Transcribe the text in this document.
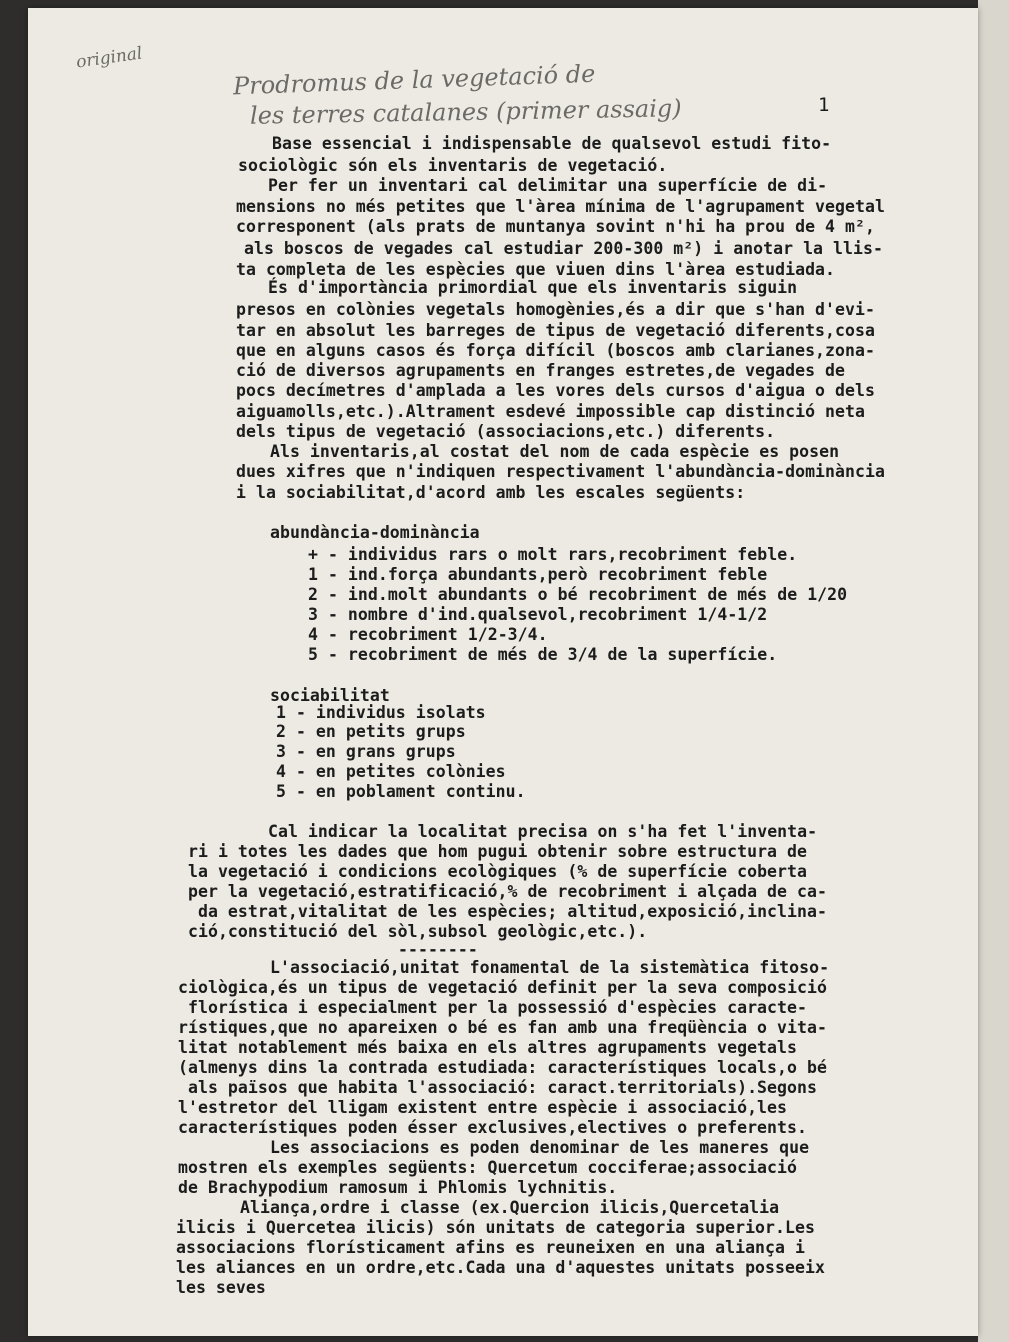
original
Prodromus de la vegetació de
les terres catalanes (primer assaig)	1
Base essencial i indispensable de qualsevol estudi fito-
sociològic són els inventaris de vegetació.
Per fer un inventari cal delimitar una superfície de di-
mensions no més petites que l'àrea mínima de l'agrupament vegetal
corresponent (als prats de muntanya sovint n'hi ha prou de 4 m²,
als boscos de vegades cal estudiar 200-300 m²) i anotar la llis-
ta completa de les espècies que viuen dins l'àrea estudiada.
És d'importància primordial que els inventaris siguin
presos en colònies vegetals homogènies,és a dir que s'han d'evi-
tar en absolut les barreges de tipus de vegetació diferents,cosa
que en alguns casos és força difícil (boscos amb clarianes,zona-
ció de diversos agrupaments en franges estretes,de vegades de
pocs decímetres d'amplada a les vores dels cursos d'aigua o dels
aiguamolls,etc.).Altrament esdevé impossible cap distinció neta
dels tipus de vegetació (associacions,etc.) diferents.
Als inventaris,al costat del nom de cada espècie es posen
dues xifres que n'indiquen respectivament l'abundància-dominància
i la sociabilitat,d'acord amb les escales següents:
abundància-dominància
+ - individus rars o molt rars,recobriment feble.
1 - ind.força abundants,però recobriment feble
2 - ind.molt abundants o bé recobriment de més de 1/20
3 - nombre d'ind.qualsevol,recobriment 1/4-1/2
4 - recobriment 1/2-3/4.
5 - recobriment de més de 3/4 de la superfície.
sociabilitat
1 - individus isolats
2 - en petits grups
3 - en grans grups
4 - en petites colònies
5 - en poblament continu.
Cal indicar la localitat precisa on s'ha fet l'inventa-
ri i totes les dades que hom pugui obtenir sobre estructura de
la vegetació i condicions ecològiques (% de superfície coberta
per la vegetació,estratificació,% de recobriment i alçada de ca-
da estrat,vitalitat de les espècies; altitud,exposició,inclina-
ció,constitució del sòl,subsol geològic,etc.).
--------
L'associació,unitat fonamental de la sistemàtica fitoso-
ciològica,és un tipus de vegetació definit per la seva composició
florística i especialment per la possessió d'espècies caracte-
rístiques,que no apareixen o bé es fan amb una freqüència o vita-
litat notablement més baixa en els altres agrupaments vegetals
(almenys dins la contrada estudiada: característiques locals,o bé
als països que habita l'associació: caract.territorials).Segons
l'estretor del lligam existent entre espècie i associació,les
característiques poden ésser exclusives,electives o preferents.
Les associacions es poden denominar de les maneres que
mostren els exemples següents: Quercetum cocciferae;associació
de Brachypodium ramosum i Phlomis lychnitis.
Aliança,ordre i classe (ex.Quercion ilicis,Quercetalia
ilicis i Quercetea ilicis) són unitats de categoria superior.Les
associacions florísticament afins es reuneixen en una aliança i
les aliances en un ordre,etc.Cada una d'aquestes unitats posseeix
les seves
